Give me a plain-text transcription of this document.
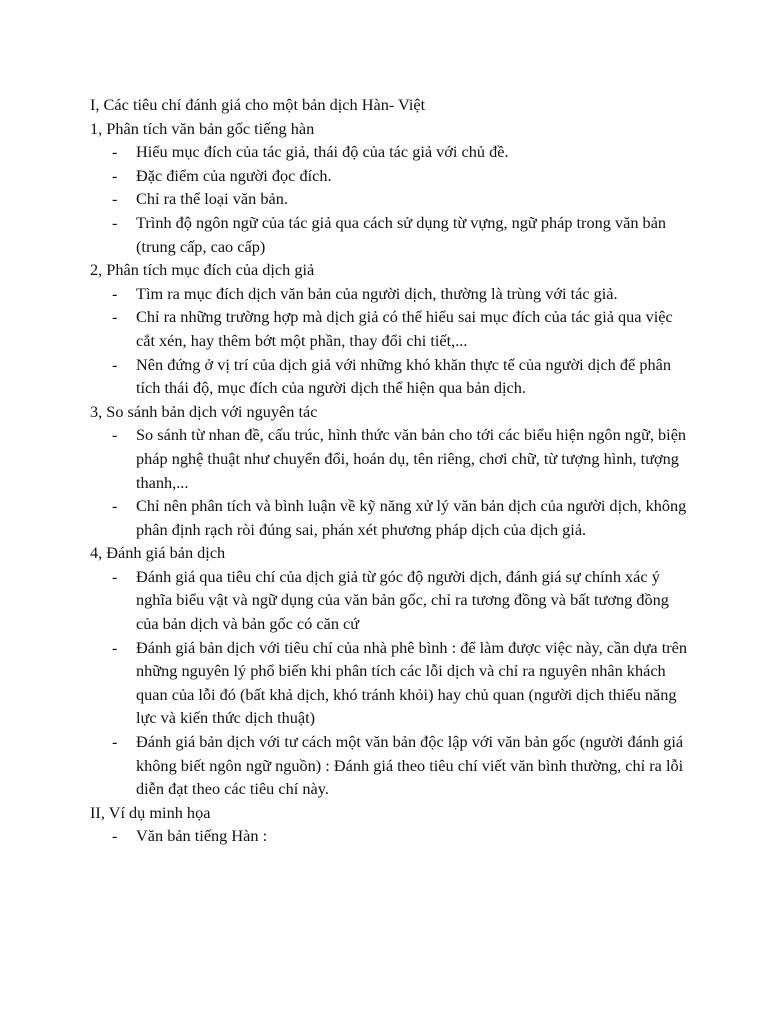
I, Các tiêu chí đánh giá cho một bản dịch Hàn- Việt

1, Phân tích văn bản gốc tiếng hàn

- Hiểu mục đích của tác giả, thái độ của tác giả với chủ đề.
- Đặc điểm của người đọc đích.
- Chỉ ra thể loại văn bản.
- Trình độ ngôn ngữ của tác giả qua cách sử dụng từ vựng, ngữ pháp trong văn bản (trung cấp, cao cấp)

2, Phân tích mục đích của dịch giả

- Tìm ra mục đích dịch văn bản của người dịch, thường là trùng với tác giả.
- Chỉ ra những trường hợp mà dịch giả có thể hiểu sai mục đích của tác giả qua việc cắt xén, hay thêm bớt một phần, thay đổi chi tiết,...
- Nên đứng ở vị trí của dịch giả với những khó khăn thực tế của người dịch để phân tích thái độ, mục đích của người dịch thể hiện qua bản dịch.

3, So sánh bản dịch với nguyên tác

- So sánh từ nhan đề, cấu trúc, hình thức văn bản cho tới các biểu hiện ngôn ngữ, biện pháp nghệ thuật như chuyển đổi, hoán dụ, tên riêng, chơi chữ, từ tượng hình, tượng thanh,...
- Chỉ nên phân tích và bình luận về kỹ năng xử lý văn bản dịch của người dịch, không phân định rạch ròi đúng sai, phán xét phương pháp dịch của dịch giả.

4, Đánh giá bản dịch

- Đánh giá qua tiêu chí của dịch giả từ góc độ người dịch, đánh giá sự chính xác ý nghĩa biểu vật và ngữ dụng của văn bản gốc, chỉ ra tương đồng và bất tương đồng của bản dịch và bản gốc có căn cứ
- Đánh giá bản dịch với tiêu chí của nhà phê bình : để làm được việc này, cần dựa trên những nguyên lý phổ biến khi phân tích các lỗi dịch và chỉ ra nguyên nhân khách quan của lỗi đó (bất khả dịch, khó tránh khỏi) hay chủ quan (người dịch thiếu năng lực và kiến thức dịch thuật)
- Đánh giá bản dịch với tư cách một văn bản độc lập với văn bản gốc (người đánh giá không biết ngôn ngữ nguồn) : Đánh giá theo tiêu chí viết văn bình thường, chỉ ra lỗi diễn đạt theo các tiêu chí này.

II, Ví dụ minh họa

- Văn bản tiếng Hàn :
